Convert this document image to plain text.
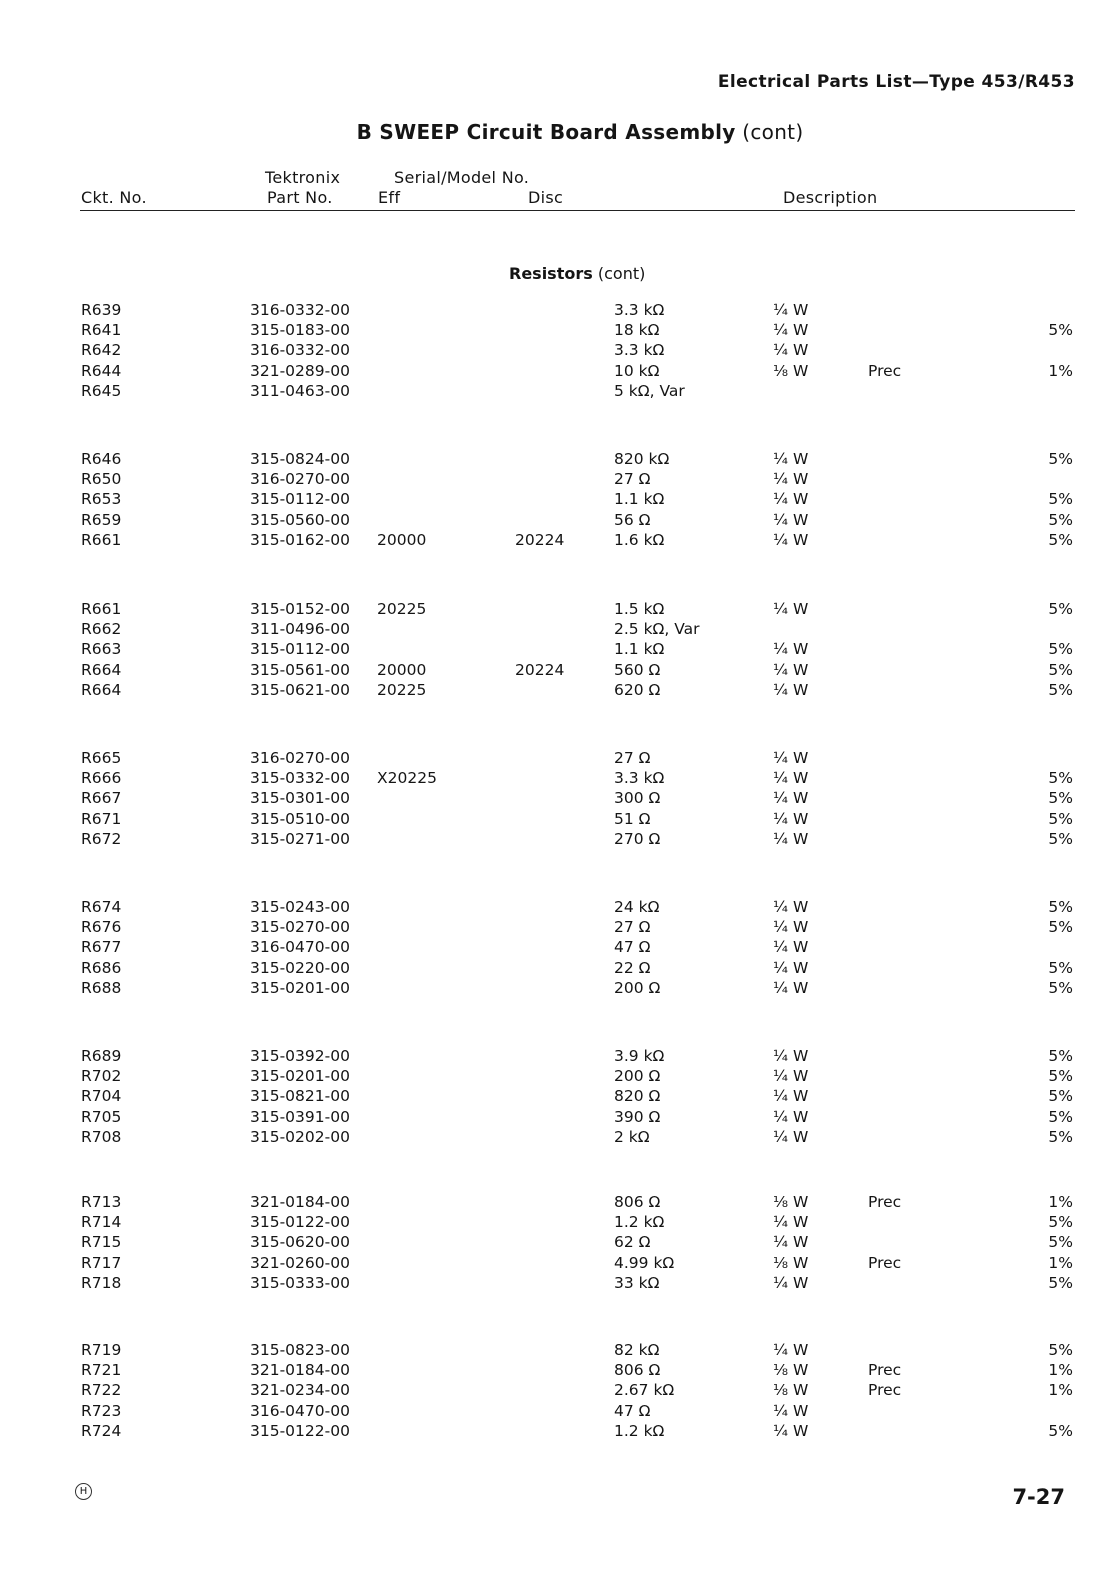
Electrical Parts List—Type 453/R453
B SWEEP Circuit Board Assembly (cont)
Tektronix	Serial/Model No.
Ckt. No.	Part No.	Eff	Disc	Description
Resistors (cont)
R639	316-0332-00	3.3 kΩ	¼ W
R641	315-0183-00	18 kΩ	¼ W	5%
R642	316-0332-00	3.3 kΩ	¼ W
R644	321-0289-00	10 kΩ	⅛ W	Prec	1%
R645	311-0463-00	5 kΩ, Var
R646	315-0824-00	820 kΩ	¼ W	5%
R650	316-0270-00	27 Ω	¼ W
R653	315-0112-00	1.1 kΩ	¼ W	5%
R659	315-0560-00	56 Ω	¼ W	5%
R661	315-0162-00 20000	20224	1.6 kΩ	¼ W	5%
R661	315-0152-00 20225	1.5 kΩ	¼ W	5%
R662	311-0496-00	2.5 kΩ, Var
R663	315-0112-00	1.1 kΩ	¼ W	5%
R664	315-0561-00 20000	20224	560 Ω	¼ W	5%
R664	315-0621-00 20225	620 Ω	¼ W	5%
R665	316-0270-00	27 Ω	¼ W
R666	315-0332-00 X20225	3.3 kΩ	¼ W	5%
R667	315-0301-00	300 Ω	¼ W	5%
R671	315-0510-00	51 Ω	¼ W	5%
R672	315-0271-00	270 Ω	¼ W	5%
R674	315-0243-00	24 kΩ	¼ W	5%
R676	315-0270-00	27 Ω	¼ W	5%
R677	316-0470-00	47 Ω	¼ W
R686	315-0220-00	22 Ω	¼ W	5%
R688	315-0201-00	200 Ω	¼ W	5%
R689	315-0392-00	3.9 kΩ	¼ W	5%
R702	315-0201-00	200 Ω	¼ W	5%
R704	315-0821-00	820 Ω	¼ W	5%
R705	315-0391-00	390 Ω	¼ W	5%
R708	315-0202-00	2 kΩ	¼ W	5%
R713	321-0184-00	806 Ω	⅛ W	Prec	1%
R714	315-0122-00	1.2 kΩ	¼ W	5%
R715	315-0620-00	62 Ω	¼ W	5%
R717	321-0260-00	4.99 kΩ	⅛ W	Prec	1%
R718	315-0333-00	33 kΩ	¼ W	5%
R719	315-0823-00	82 kΩ	¼ W	5%
R721	321-0184-00	806 Ω	⅛ W	Prec	1%
R722	321-0234-00	2.67 kΩ	⅛ W	Prec	1%
R723	316-0470-00	47 Ω	¼ W
R724	315-0122-00	1.2 kΩ	¼ W	5%
H	7-27
